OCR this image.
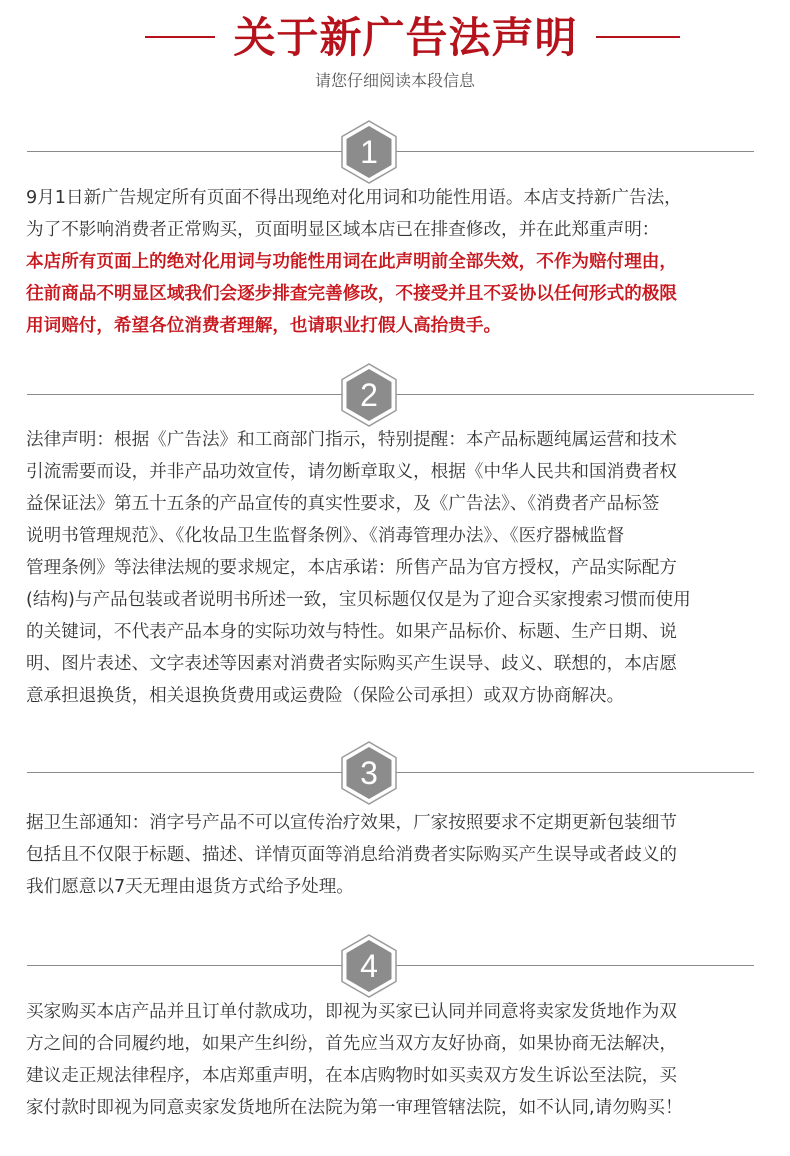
关于新广告法声明
请您仔细阅读本段信息
1
9月1日新广告规定所有页面不得出现绝对化用词和功能性用语。本店支持新广告法，
为了不影响消费者正常购买，页面明显区域本店已在排查修改，并在此郑重声明：
本店所有页面上的绝对化用词与功能性用词在此声明前全部失效，不作为赔付理由，
往前商品不明显区域我们会逐步排查完善修改，不接受并且不妥协以任何形式的极限
用词赔付，希望各位消费者理解，也请职业打假人高抬贵手。
2
法律声明：根据《广告法》和工商部门指示，特别提醒：本产品标题纯属运营和技术
引流需要而设，并非产品功效宣传，请勿断章取义，根据《中华人民共和国消费者权
益保证法》第五十五条的产品宣传的真实性要求，及《广告法》、《消费者产品标签
说明书管理规范》、《化妆品卫生监督条例》、《消毒管理办法》、《医疗器械监督
管理条例》等法律法规的要求规定，本店承诺：所售产品为官方授权，产品实际配方
(结构)与产品包装或者说明书所述一致，宝贝标题仅仅是为了迎合买家搜索习惯而使用
的关键词，不代表产品本身的实际功效与特性。如果产品标价、标题、生产日期、说
明、图片表述、文字表述等因素对消费者实际购买产生误导、歧义、联想的，本店愿
意承担退换货，相关退换货费用或运费险（保险公司承担）或双方协商解决。
3
据卫生部通知：消字号产品不可以宣传治疗效果，厂家按照要求不定期更新包装细节
包括且不仅限于标题、描述、详情页面等消息给消费者实际购买产生误导或者歧义的
我们愿意以7天无理由退货方式给予处理。
4
买家购买本店产品并且订单付款成功，即视为买家已认同并同意将卖家发货地作为双
方之间的合同履约地，如果产生纠纷，首先应当双方友好协商，如果协商无法解决，
建议走正规法律程序，本店郑重声明，在本店购物时如买卖双方发生诉讼至法院，买
家付款时即视为同意卖家发货地所在法院为第一审理管辖法院，如不认同,请勿购买！
